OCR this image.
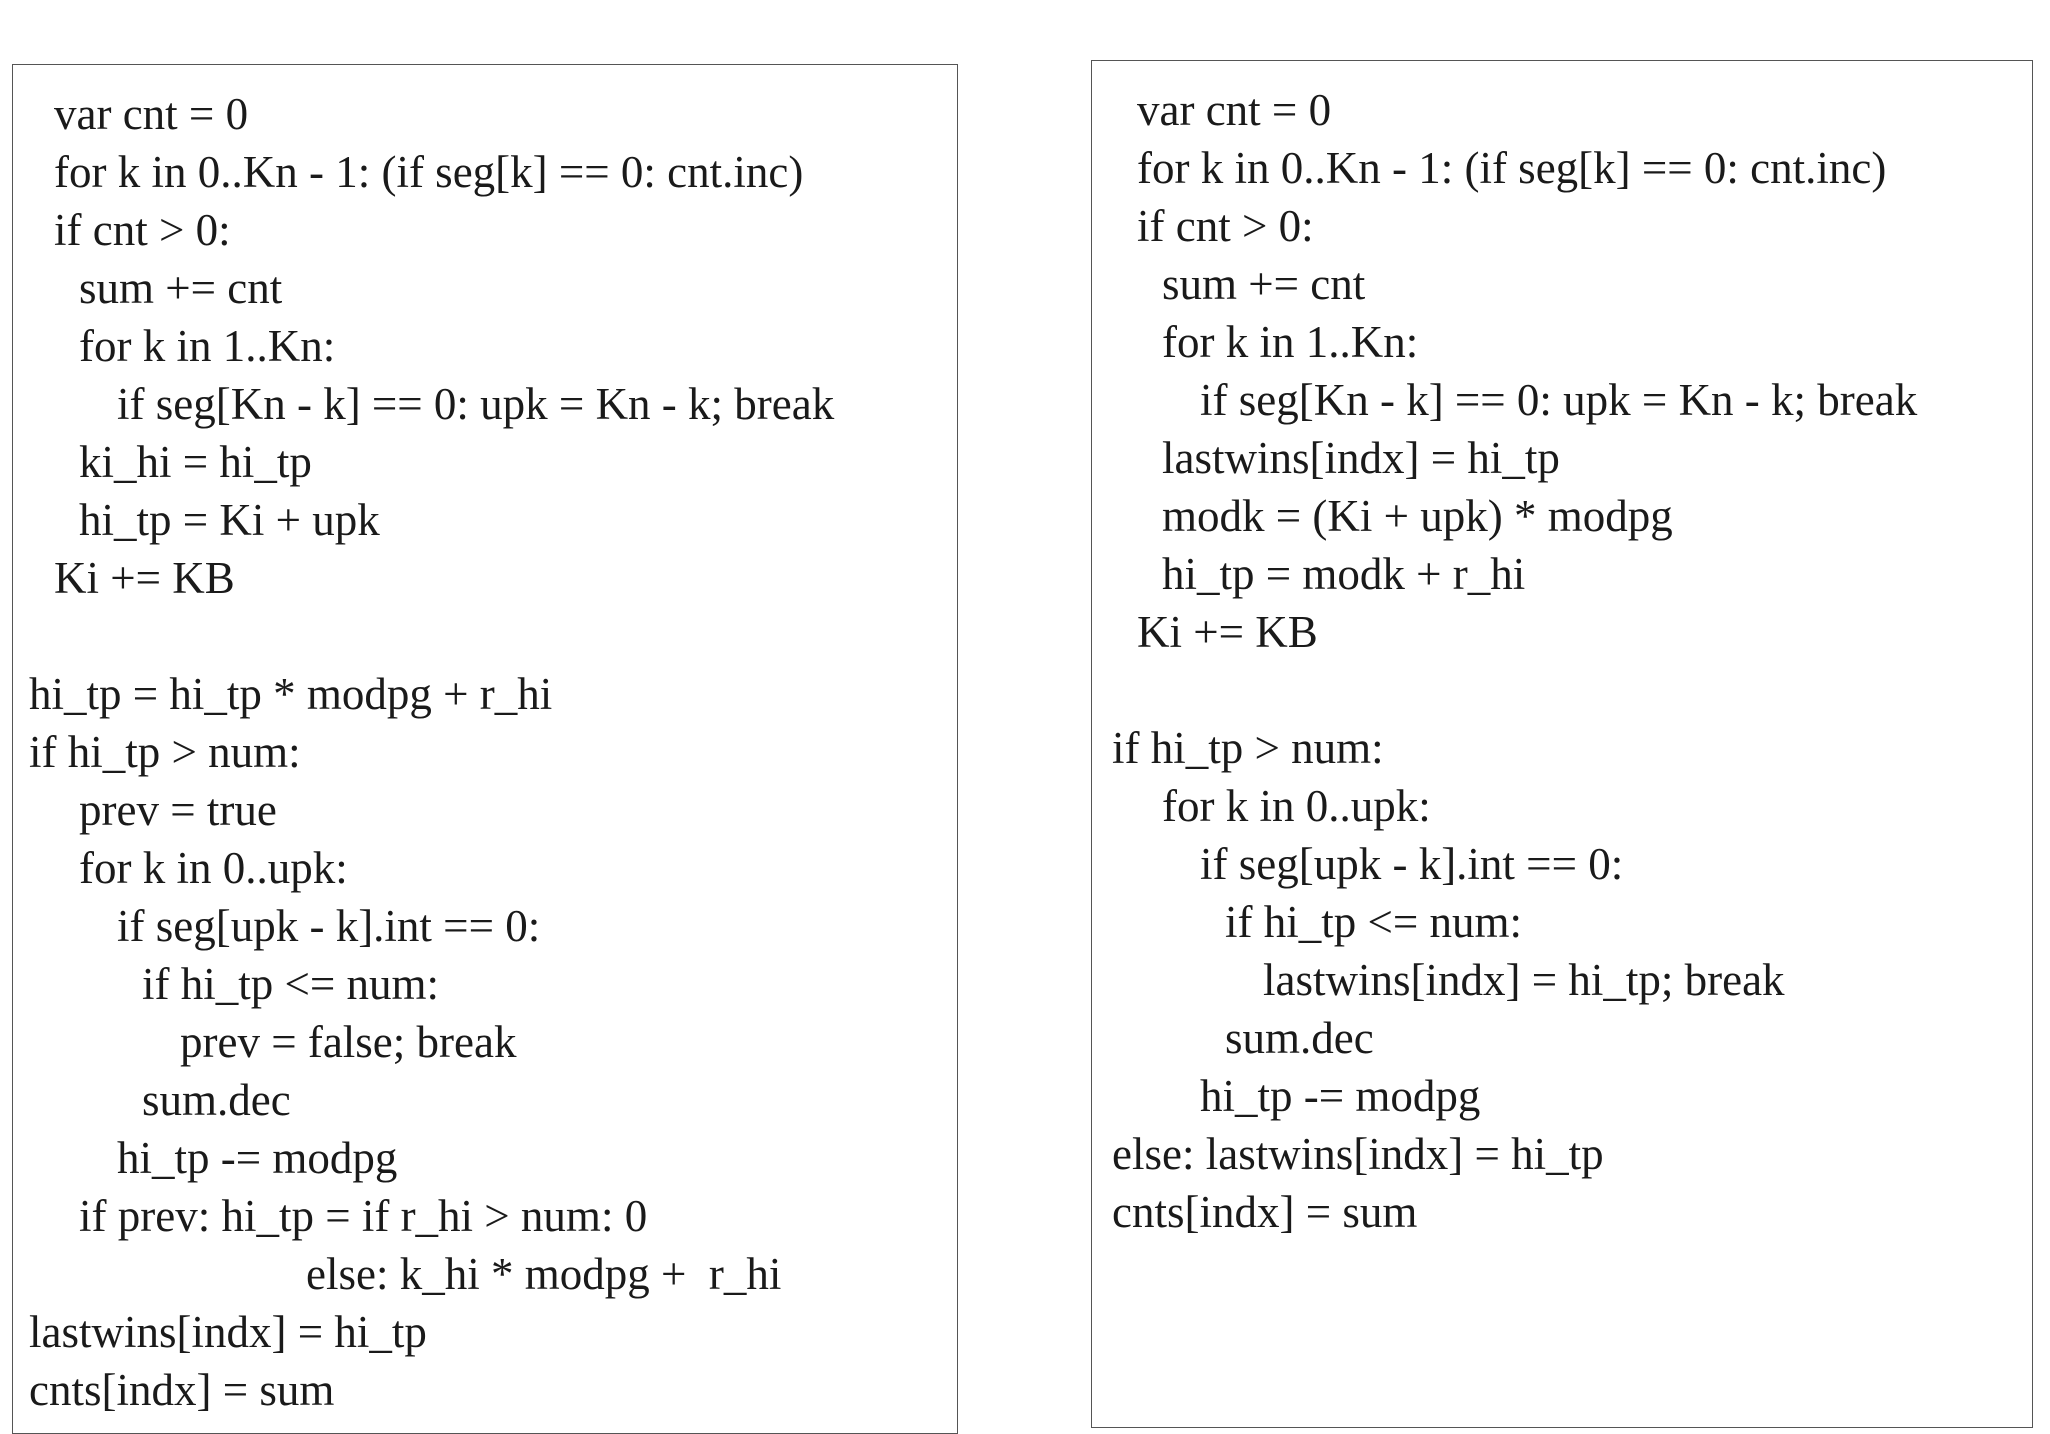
var cnt = 0
for k in 0..Kn - 1: (if seg[k] == 0: cnt.inc)
if cnt > 0:
sum += cnt
for k in 1..Kn:
if seg[Kn - k] == 0: upk = Kn - k; break
ki_hi = hi_tp
hi_tp = Ki + upk
Ki += KB
hi_tp = hi_tp * modpg + r_hi
if hi_tp > num:
prev = true
for k in 0..upk:
if seg[upk - k].int == 0:
if hi_tp <= num:
prev = false; break
sum.dec
hi_tp -= modpg
if prev: hi_tp = if r_hi > num: 0
else: k_hi * modpg +  r_hi
lastwins[indx] = hi_tp
cnts[indx] = sum
var cnt = 0
for k in 0..Kn - 1: (if seg[k] == 0: cnt.inc)
if cnt > 0:
sum += cnt
for k in 1..Kn:
if seg[Kn - k] == 0: upk = Kn - k; break
lastwins[indx] = hi_tp
modk = (Ki + upk) * modpg
hi_tp = modk + r_hi
Ki += KB
if hi_tp > num:
for k in 0..upk:
if seg[upk - k].int == 0:
if hi_tp <= num:
lastwins[indx] = hi_tp; break
sum.dec
hi_tp -= modpg
else: lastwins[indx] = hi_tp
cnts[indx] = sum
